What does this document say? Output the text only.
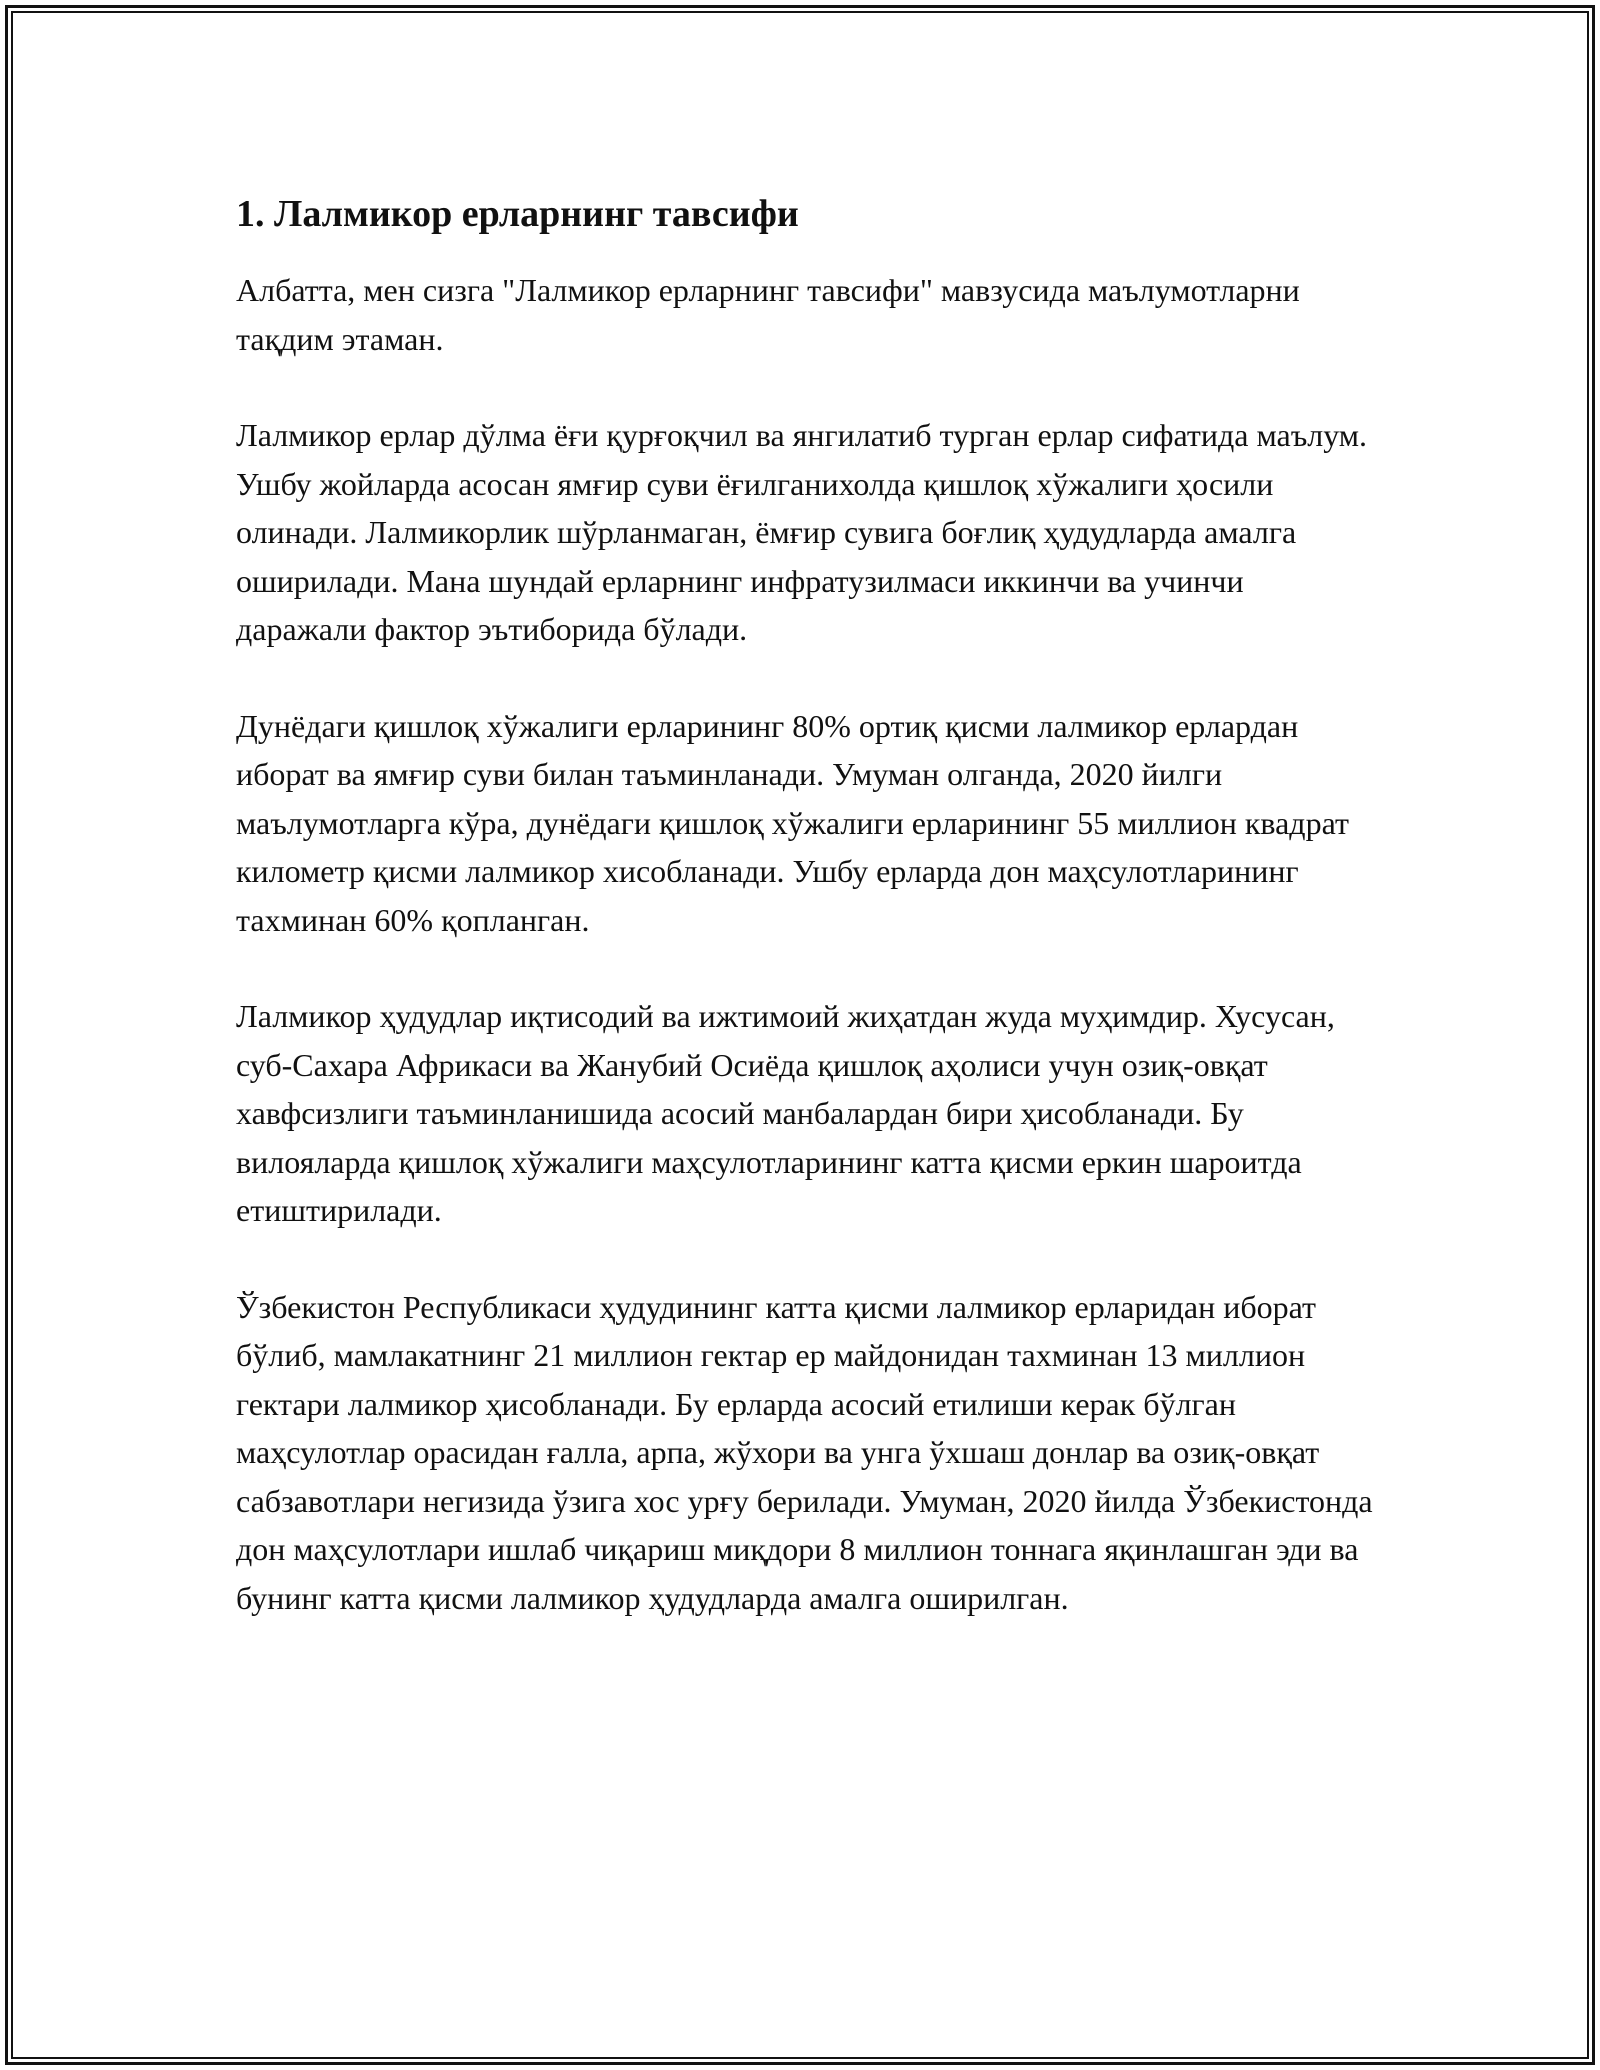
1. Лалмикор ерларнинг тавсифи

Албатта, мен сизга "Лалмикор ерларнинг тавсифи" мавзусида маълумотларни тақдим этаман.

Лалмикор ерлар дўлма ёғи қурғоқчил ва янгилатиб турган ерлар сифатида маълум. Ушбу жойларда асосан ямғир суви ёғилганихолда қишлоқ хўжалиги ҳосили олинади. Лалмикорлик шўрланмаган, ёмғир сувига боғлиқ ҳудудларда амалга оширилади. Мана шундай ерларнинг инфратузилмаси иккинчи ва учинчи даражали фактор эътиборида бўлади.

Дунёдаги қишлоқ хўжалиги ерларининг 80% ортиқ қисми лалмикор ерлардан иборат ва ямғир суви билан таъминланади. Умуман олганда, 2020 йилги маълумотларга кўра, дунёдаги қишлоқ хўжалиги ерларининг 55 миллион квадрат километр қисми лалмикор хисобланади. Ушбу ерларда дон маҳсулотларининг тахминан 60% қопланган.

Лалмикор ҳудудлар иқтисодий ва ижтимоий жиҳатдан жуда муҳимдир. Хусусан, суб-Сахара Африкаси ва Жанубий Осиёда қишлоқ аҳолиси учун озиқ-овқат хавфсизлиги таъминланишида асосий манбалардан бири ҳисобланади. Бу вилояларда қишлоқ хўжалиги маҳсулотларининг катта қисми еркин шароитда етиштирилади.

Ўзбекистон Республикаси ҳудудининг катта қисми лалмикор ерларидан иборат бўлиб, мамлакатнинг 21 миллион гектар ер майдонидан тахминан 13 миллион гектари лалмикор ҳисобланади. Бу ерларда асосий етилиши керак бўлган маҳсулотлар орасидан ғалла, арпа, жўхори ва унга ўхшаш донлар ва озиқ-овқат сабзавотлари негизида ўзига хос урғу берилади. Умуман, 2020 йилда Ўзбекистонда дон маҳсулотлари ишлаб чиқариш миқдори 8 миллион тоннага яқинлашган эди ва бунинг катта қисми лалмикор ҳудудларда амалга оширилган.
